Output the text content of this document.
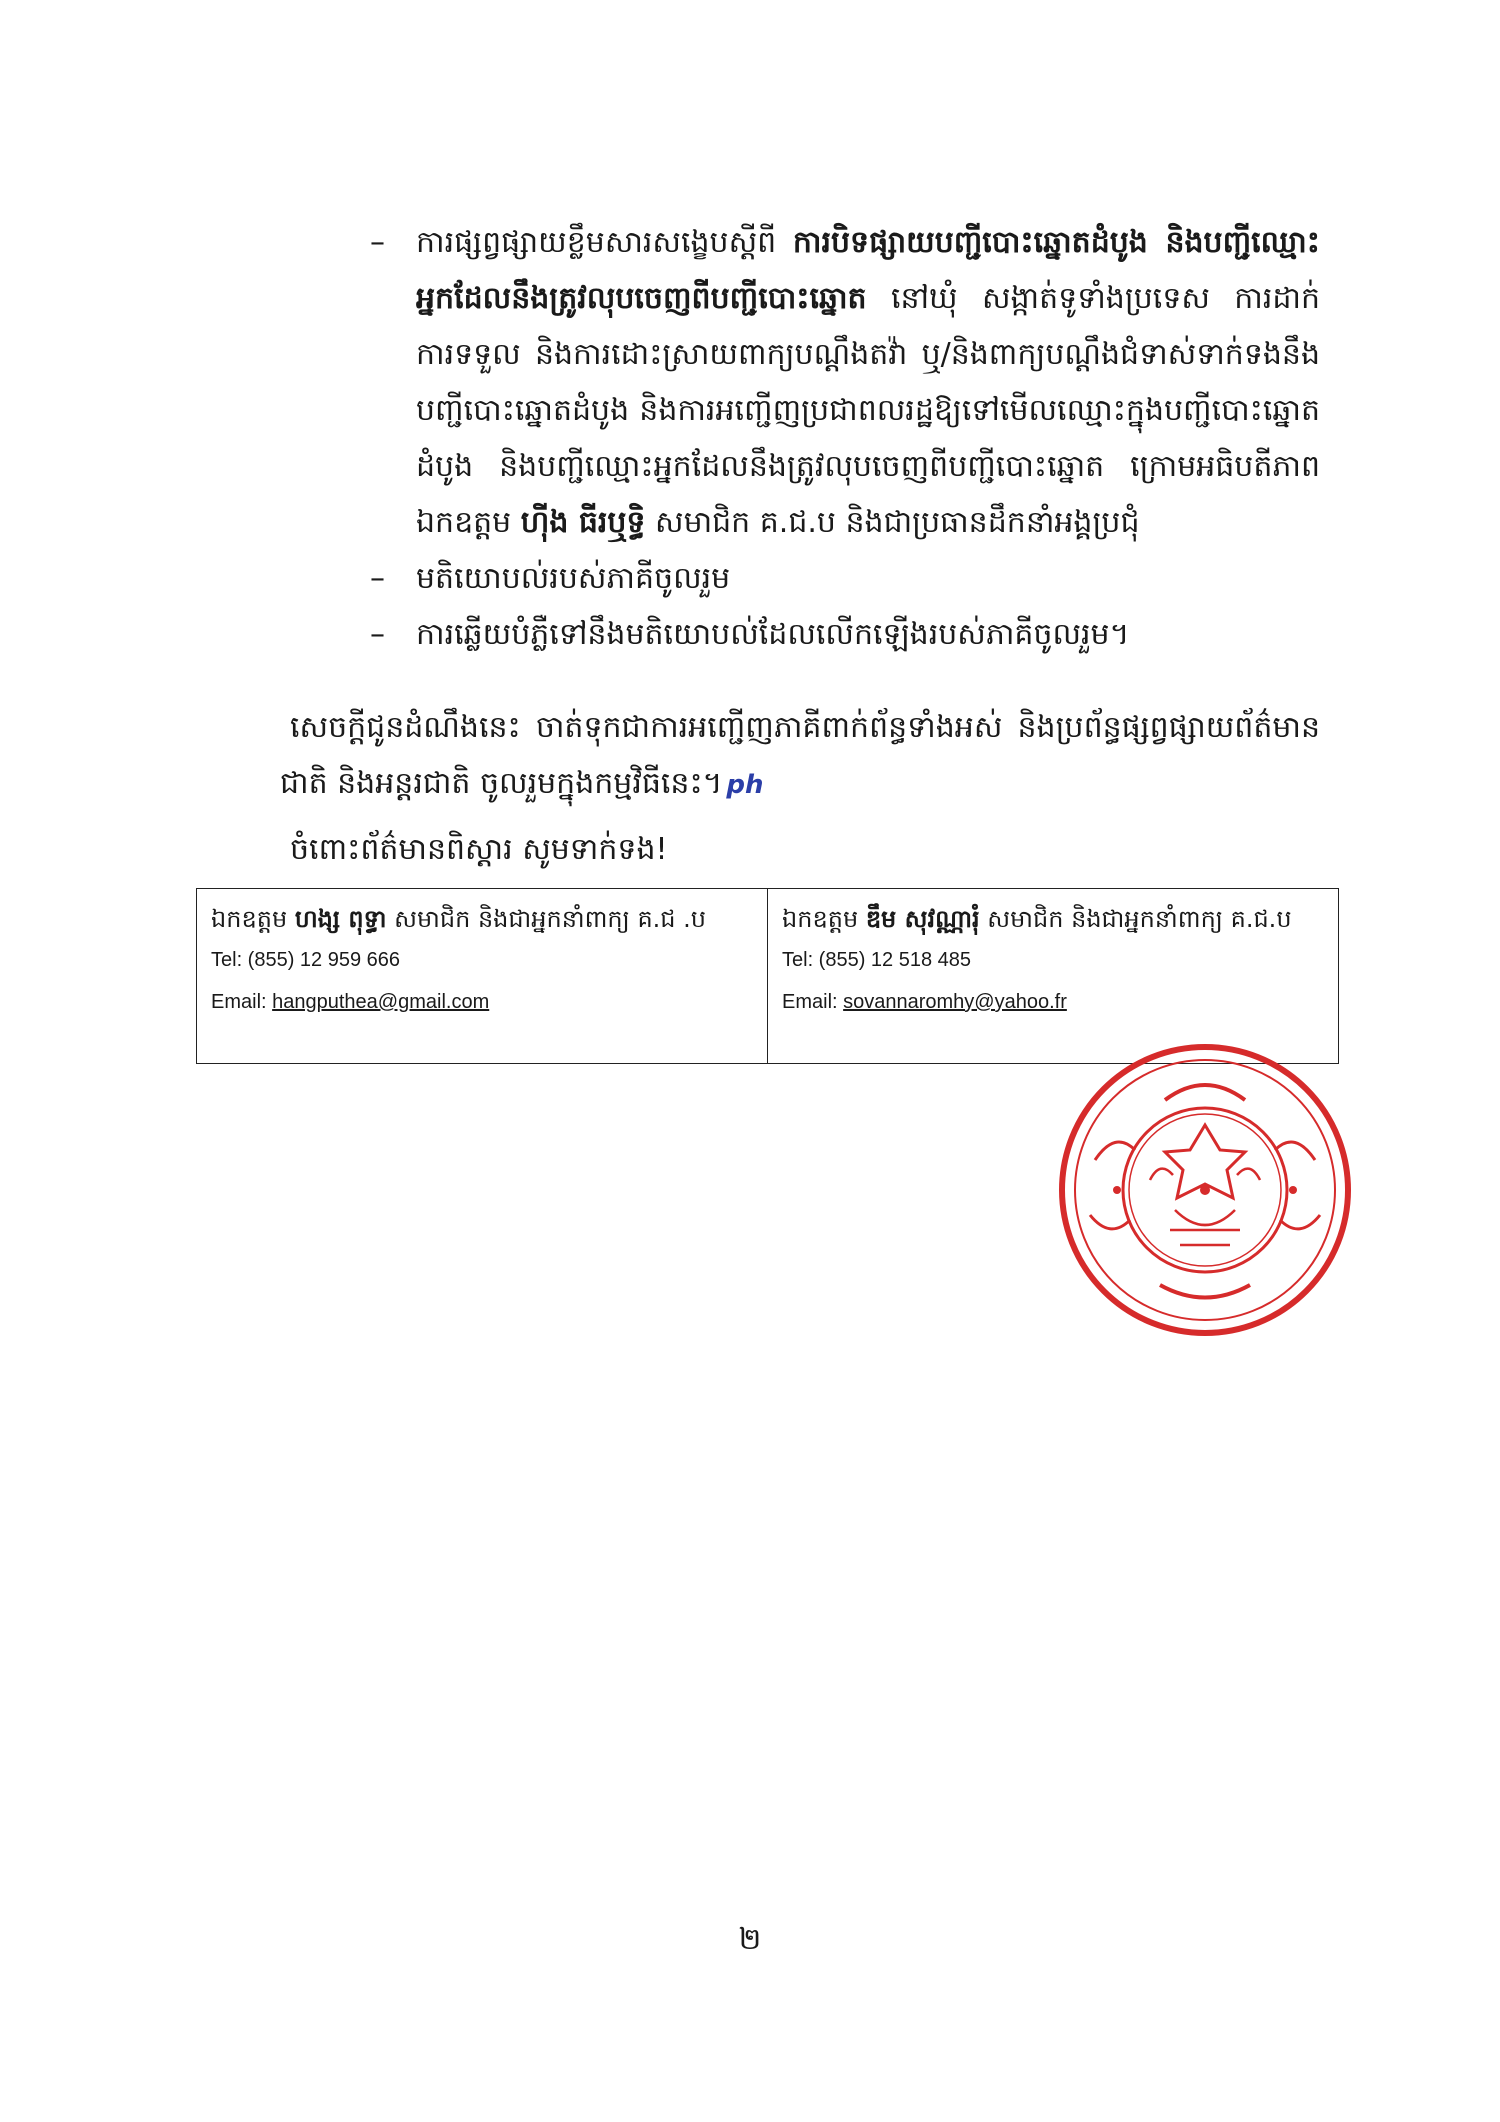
–	ការផ្សព្វផ្សាយខ្លឹមសារសង្ខេបស្តីពី ការបិទផ្សាយបញ្ជីបោះឆ្នោតដំបូង និងបញ្ជីឈ្មោះអ្នកដែលនឹងត្រូវលុបចេញពីបញ្ជីបោះឆ្នោត នៅឃុំ សង្កាត់ទូទាំងប្រទេស ការដាក់ ការទទួល និងការដោះស្រាយពាក្យបណ្តឹងតវ៉ា ឬ/និងពាក្យបណ្តឹងជំទាស់ទាក់ទងនឹងបញ្ជីបោះឆ្នោតដំបូង និងការអញ្ជើញប្រជាពលរដ្ឋឱ្យទៅមើលឈ្មោះក្នុងបញ្ជីបោះឆ្នោតដំបូង និងបញ្ជីឈ្មោះអ្នកដែលនឹងត្រូវលុបចេញពីបញ្ជីបោះឆ្នោត ក្រោមអធិបតីភាពឯកឧត្តម ហ៊ីង ធីរឬទ្ធិ សមាជិក គ.ជ.ប និងជាប្រធានដឹកនាំអង្គប្រជុំ
–	មតិយោបល់របស់ភាគីចូលរួម
–	ការឆ្លើយបំភ្លឺទៅនឹងមតិយោបល់ដែលលើកឡើងរបស់ភាគីចូលរួម។
សេចក្តីជូនដំណឹងនេះ ចាត់ទុកជាការអញ្ជើញភាគីពាក់ព័ន្ធទាំងអស់ និងប្រព័ន្ធផ្សព្វផ្សាយព័ត៌មានជាតិ និងអន្តរជាតិ ចូលរួមក្នុងកម្មវិធីនេះ។ ph
ចំពោះព័ត៌មានពិស្តារ សូមទាក់ទង!
ឯកឧត្តម ហង្ស ពុទ្ធា សមាជិក និងជាអ្នកនាំពាក្យ គ.ជ .ប
Tel: (855) 12 959 666
Email: hangputhea@gmail.com
ឯកឧត្តម ឌឹម សុវណ្ណារុំ សមាជិក និងជាអ្នកនាំពាក្យ គ.ជ.ប
Tel: (855) 12 518 485
Email: sovannaromhy@yahoo.fr
២
